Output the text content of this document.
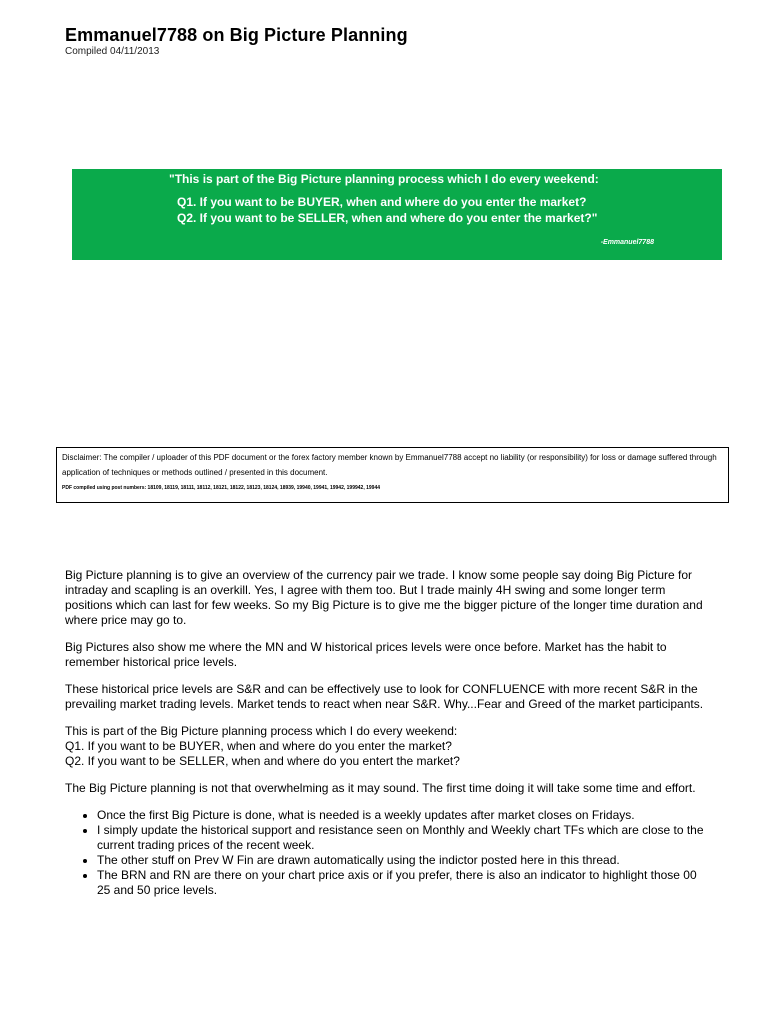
Emmanuel7788 on Big Picture Planning
Compiled 04/11/2013
"This is part of the Big Picture planning process which I do every weekend:
Q1. If you want to be BUYER, when and where do you enter the market?
Q2. If you want to be SELLER, when and where do you enter the market?"
-Emmanuel7788
Disclaimer: The compiler / uploader of this PDF document or the forex factory member known by Emmanuel7788 accept no liability (or responsibility) for loss or damage suffered through application of techniques or methods outlined / presented in this document.
PDF compiled using post numbers: 18109, 18119, 18111, 18112, 18121, 18122, 18123, 18124, 18939, 19940, 19941, 19942, 199942, 19944

Big Picture planning is to give an overview of the currency pair we trade. I know some people say doing Big Picture for intraday and scapling is an overkill. Yes, I agree with them too. But I trade mainly 4H swing and some longer term positions which can last for few weeks. So my Big Picture is to give me the bigger picture of the longer time duration and where price may go to.

Big Pictures also show me where the MN and W historical prices levels were once before. Market has the habit to remember historical price levels.

These historical price levels are S&R and can be effectively use to look for CONFLUENCE with more recent S&R in the prevailing market trading levels. Market tends to react when near S&R. Why...Fear and Greed of the market participants.

This is part of the Big Picture planning process which I do every weekend:
Q1. If you want to be BUYER, when and where do you enter the market?
Q2. If you want to be SELLER, when and where do you entert the market?

The Big Picture planning is not that overwhelming as it may sound. The first time doing it will take some time and effort.

• Once the first Big Picture is done, what is needed is a weekly updates after market closes on Fridays.
• I simply update the historical support and resistance seen on Monthly and Weekly chart TFs which are close to the current trading prices of the recent week.
• The other stuff on Prev W Fin are drawn automatically using the indictor posted here in this thread.
• The BRN and RN are there on your chart price axis or if you prefer, there is also an indicator to highlight those 00 25 and 50 price levels.
